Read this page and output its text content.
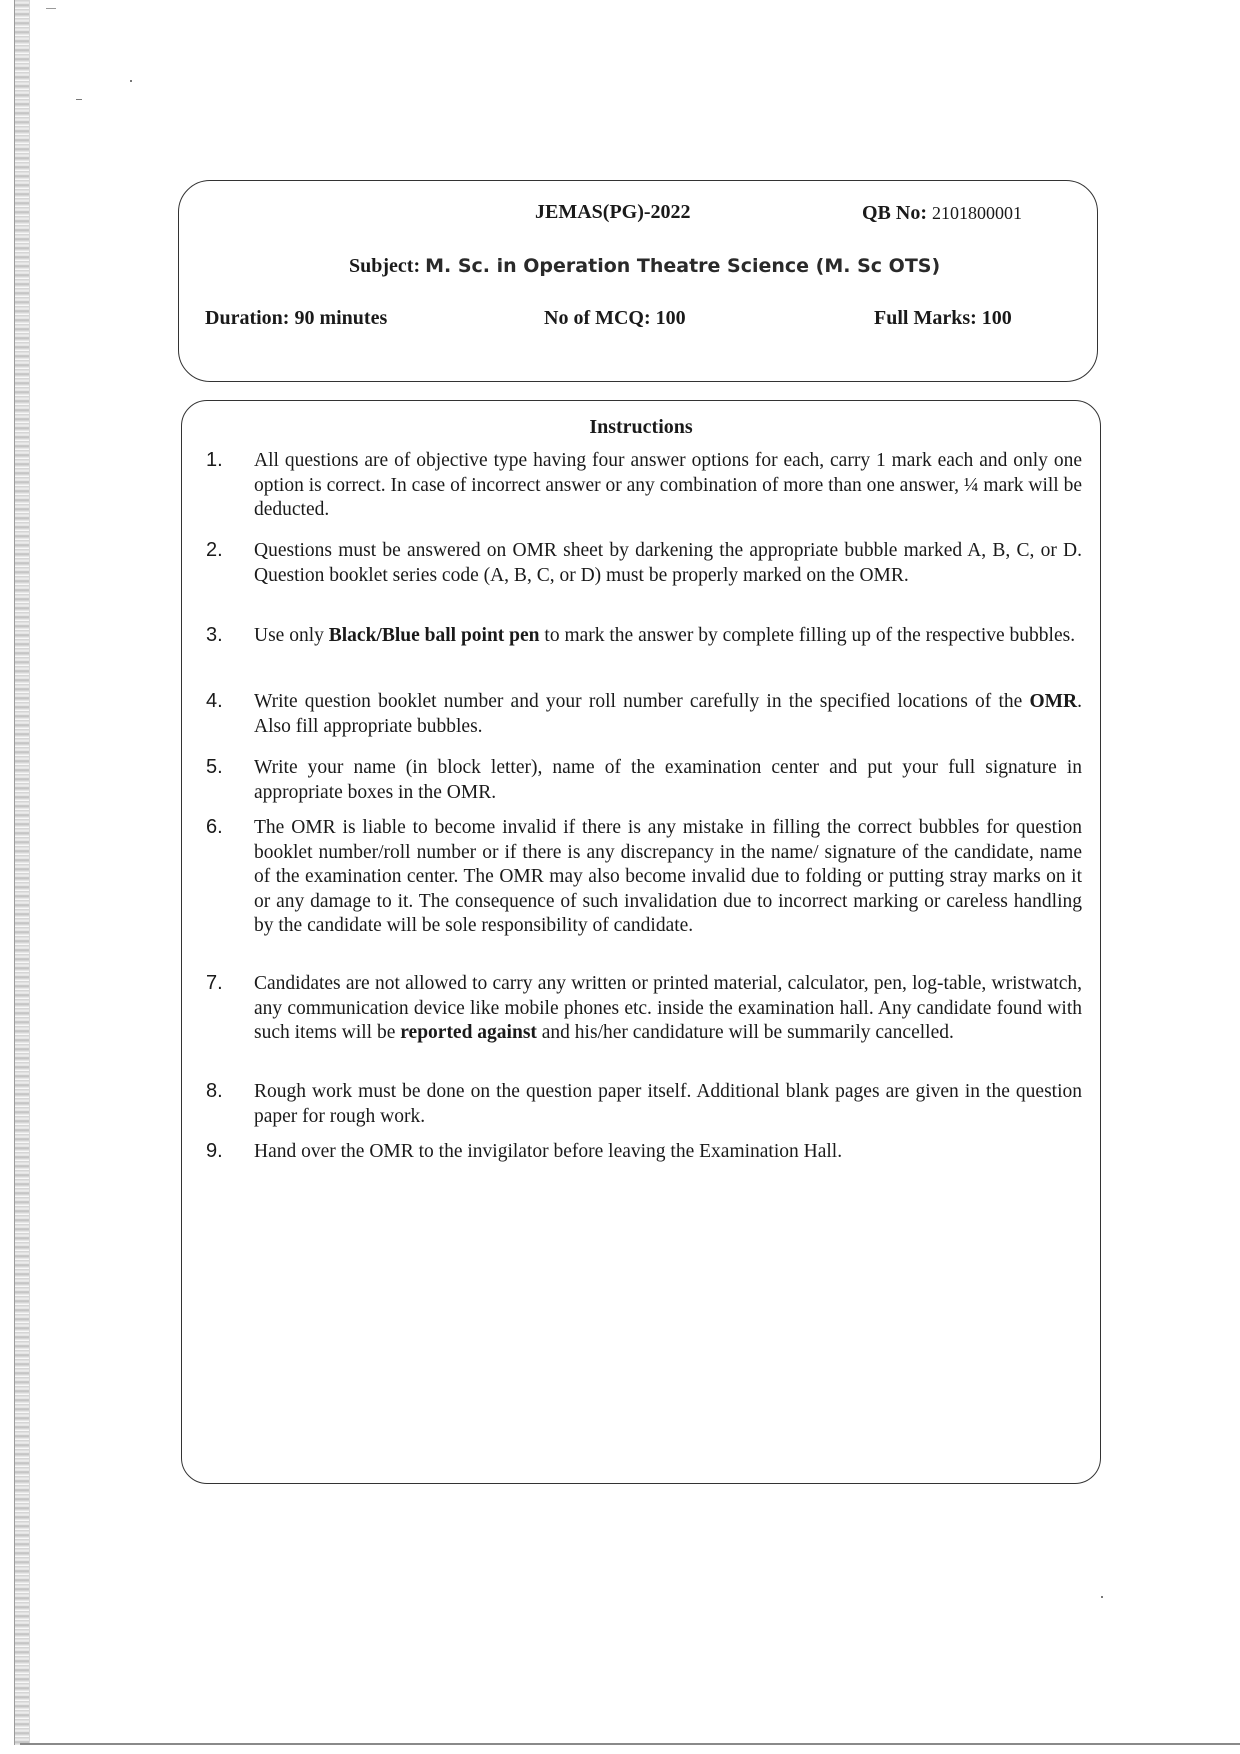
JEMAS(PG)-2022	QB No: 2101800001
Subject: M. Sc. in Operation Theatre Science (M. Sc OTS)
Duration: 90 minutes	No of MCQ: 100	Full Marks: 100
Instructions
1. All questions are of objective type having four answer options for each, carry 1 mark each and only one option is correct. In case of incorrect answer or any combination of more than one answer, ¼ mark will be deducted.
2. Questions must be answered on OMR sheet by darkening the appropriate bubble marked A, B, C, or D. Question booklet series code (A, B, C, or D) must be properly marked on the OMR.
3. Use only Black/Blue ball point pen to mark the answer by complete filling up of the respective bubbles.
4. Write question booklet number and your roll number carefully in the specified locations of the OMR. Also fill appropriate bubbles.
5. Write your name (in block letter), name of the examination center and put your full signature in appropriate boxes in the OMR.
6. The OMR is liable to become invalid if there is any mistake in filling the correct bubbles for question booklet number/roll number or if there is any discrepancy in the name/ signature of the candidate, name of the examination center. The OMR may also become invalid due to folding or putting stray marks on it or any damage to it. The consequence of such invalidation due to incorrect marking or careless handling by the candidate will be sole responsibility of candidate.
7. Candidates are not allowed to carry any written or printed material, calculator, pen, log-table, wristwatch, any communication device like mobile phones etc. inside the examination hall. Any candidate found with such items will be reported against and his/her candidature will be summarily cancelled.
8. Rough work must be done on the question paper itself. Additional blank pages are given in the question paper for rough work.
9. Hand over the OMR to the invigilator before leaving the Examination Hall.
